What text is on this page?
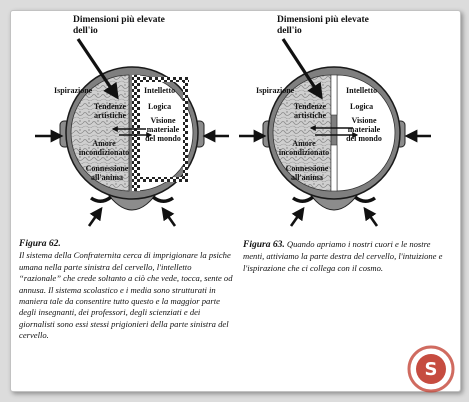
Dimensioni più elevate
dell'io
Ispirazione
Tendenze
artistiche
Amore
incondizionato
Connessione
all'anima
Intelletto
Logica
Visione
materiale
del mondo
Dimensioni più elevate
dell'io
Ispirazione
Tendenze
artistiche
Amore
incondizionato
Connessione
all'anima
Intelletto
Logica
Visione
materiale
del mondo
Figura 62.
Il sistema della Confraternita cerca di imprigionare la psiche umana nella parte sinistra del cervello, l'intelletto “razionale” che crede soltanto a ciò che vede, tocca, sente od annusa. Il sistema scolastico e i media sono strutturati in maniera tale da consentire tutto questo e la maggior parte degli insegnanti, dei professori, degli scienziati e dei giornalisti sono essi stessi prigionieri della parte sinistra del cervello.
Figura 63. Quando apriamo i nostri cuori e le nostre menti, attiviamo la parte destra del cervello, l'intuizione e l'ispirazione che ci collega con il cosmo.
S
